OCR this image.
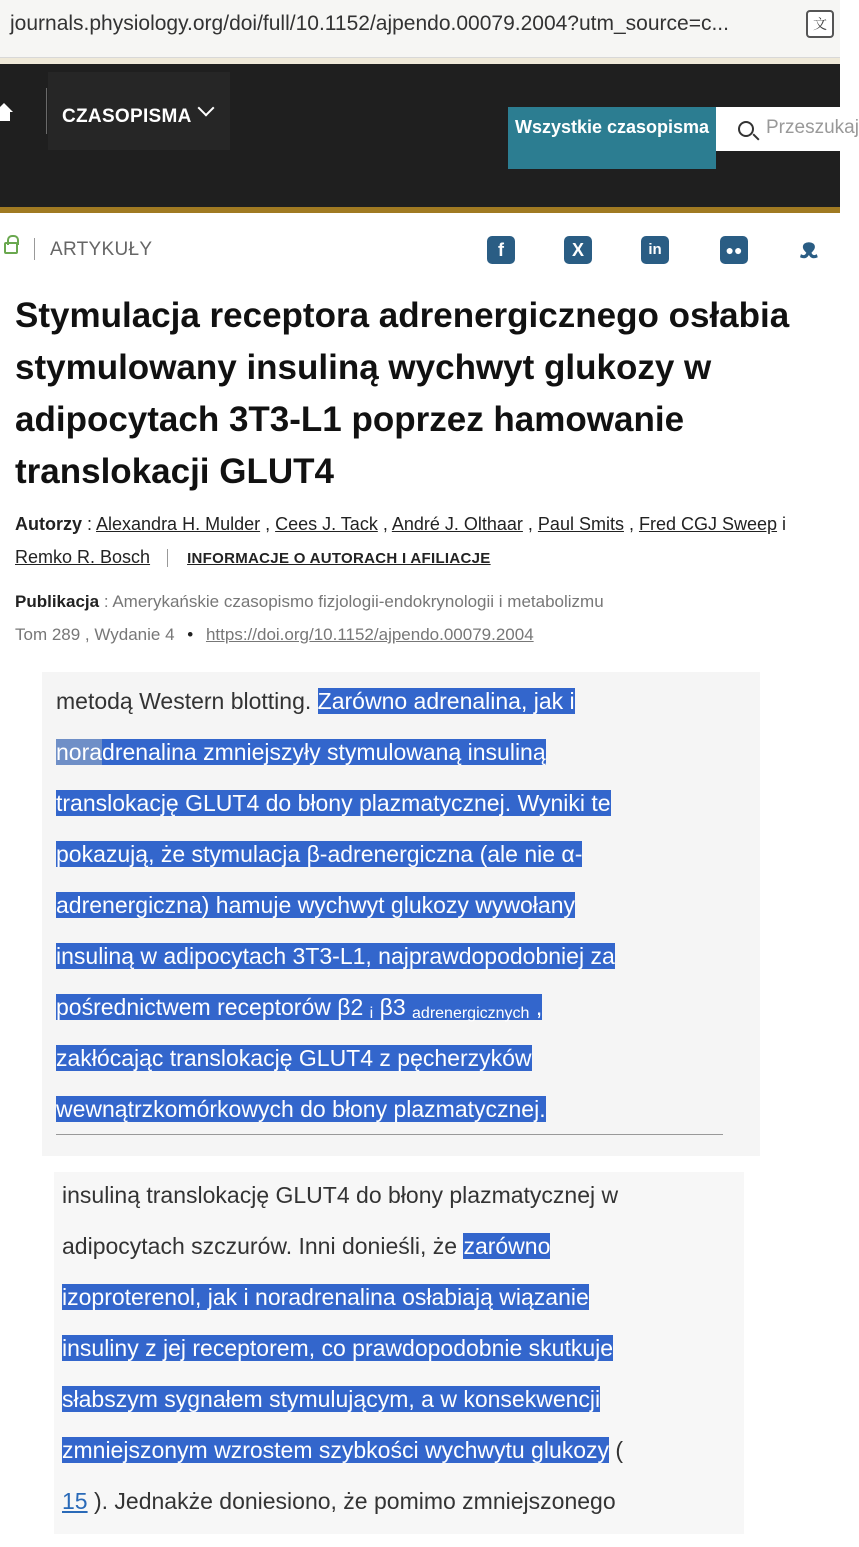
journals.physiology.org/doi/full/10.1152/ajpendo.00079.2004?utm_source=c...	文
CZASOPISMA	Wszystkie czasopisma	Przeszukaj
ARTYKUŁY	f	X	in	●● ᴥ
Stymulacja receptora adrenergicznego osłabia stymulowany insuliną wychwyt glukozy w adipocytach 3T3-L1 poprzez hamowanie translokacji GLUT4
Autorzy : Alexandra H. Mulder , Cees J. Tack , André J. Olthaar , Paul Smits , Fred CGJ Sweep i
Remko R. Bosch INFORMACJE O AUTORACH I AFILIACJE
Publikacja : Amerykańskie czasopismo fizjologii-endokrynologii i metabolizmu
Tom 289 , Wydanie 4 • https://doi.org/10.1152/ajpendo.00079.2004
metodą Western blotting. Zarówno adrenalina, jak i
noradrenalina zmniejszyły stymulowaną insuliną
translokację GLUT4 do błony plazmatycznej. Wyniki te
pokazują, że stymulacja β-adrenergiczna (ale nie α-
adrenergiczna) hamuje wychwyt glukozy wywołany
insuliną w adipocytach 3T3-L1, najprawdopodobniej za
pośrednictwem receptorów β2 $_i$ β3 $_{adrenergicznych}$ ,
zakłócając translokację GLUT4 z pęcherzyków
wewnątrzkomórkowych do błony plazmatycznej.
insuliną translokację GLUT4 do błony plazmatycznej w
adipocytach szczurów. Inni donieśli, że zarówno
izoproterenol, jak i noradrenalina osłabiają wiązanie
insuliny z jej receptorem, co prawdopodobnie skutkuje
słabszym sygnałem stymulującym, a w konsekwencji
zmniejszonym wzrostem szybkości wychwytu glukozy (
15 ). Jednakże doniesiono, że pomimo zmniejszonego
